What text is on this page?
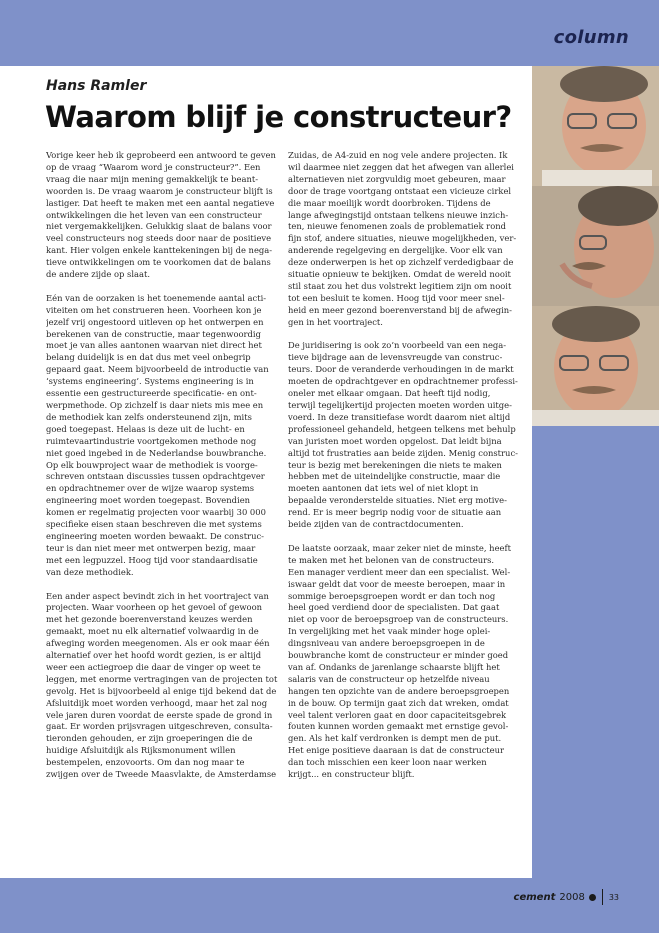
column
Hans Ramler
Waarom blijf je constructeur?

Vorige keer heb ik geprobeerd een antwoord te geven
op de vraag “Waarom word je constructeur?”. Een
vraag die naar mijn mening gemakkelijk te beant-
woorden is. De vraag waarom je constructeur blijft is
lastiger. Dat heeft te maken met een aantal negatieve
ontwikkelingen die het leven van een constructeur
niet vergemakkelijken. Gelukkig slaat de balans voor
veel constructeurs nog steeds door naar de positieve
kant. Hier volgen enkele kanttekeningen bij de nega-
tieve ontwikkelingen om te voorkomen dat de balans
de andere zijde op slaat.

Eén van de oorzaken is het toenemende aantal acti-
viteiten om het construeren heen. Voorheen kon je
jezelf vrij ongestoord uitleven op het ontwerpen en
berekenen van de constructie, maar tegenwoordig
moet je van alles aantonen waarvan niet direct het
belang duidelijk is en dat dus met veel onbegrip
gepaard gaat. Neem bijvoorbeeld de introductie van
‘systems engineering’. Systems engineering is in
essentie een gestructureerde specificatie- en ont-
werpmethode. Op zichzelf is daar niets mis mee en
de methodiek kan zelfs ondersteunend zijn, mits
goed toegepast. Helaas is deze uit de lucht- en
ruimtevaartindustrie voortgekomen methode nog
niet goed ingebed in de Nederlandse bouwbranche.
Op elk bouwproject waar de methodiek is voorge-
schreven ontstaan discussies tussen opdrachtgever
en opdrachtnemer over de wijze waarop systems
engineering moet worden toegepast. Bovendien
komen er regelmatig projecten voor waarbij 30 000
specifieke eisen staan beschreven die met systems
engineering moeten worden bewaakt. De construc-
teur is dan niet meer met ontwerpen bezig, maar
met een legpuzzel. Hoog tijd voor standaardisatie
van deze methodiek.

Een ander aspect bevindt zich in het voortraject van
projecten. Waar voorheen op het gevoel of gewoon
met het gezonde boerenverstand keuzes werden
gemaakt, moet nu elk alternatief volwaardig in de
afweging worden meegenomen. Als er ook maar één
alternatief over het hoofd wordt gezien, is er altijd
weer een actiegroep die daar de vinger op weet te
leggen, met enorme vertragingen van de projecten tot
gevolg. Het is bijvoorbeeld al enige tijd bekend dat de
Afsluitdijk moet worden verhoogd, maar het zal nog
vele jaren duren voordat de eerste spade de grond in
gaat. Er worden prijsvragen uitgeschreven, consulta-
tieronden gehouden, er zijn groeperingen die de
huidige Afsluitdijk als Rijksmonument willen
bestempelen, enzovoorts. Om dan nog maar te
zwijgen over de Tweede Maasvlakte, de Amsterdamse

Zuidas, de A4-zuid en nog vele andere projecten. Ik
wil daarmee niet zeggen dat het afwegen van allerlei
alternatieven niet zorgvuldig moet gebeuren, maar
door de trage voortgang ontstaat een vicieuze cirkel
die maar moeilijk wordt doorbroken. Tijdens de
lange afwegingstijd ontstaan telkens nieuwe inzich-
ten, nieuwe fenomenen zoals de problematiek rond
fijn stof, andere situaties, nieuwe mogelijkheden, ver-
anderende regelgeving en dergelijke. Voor elk van
deze onderwerpen is het op zichzelf verdedigbaar de
situatie opnieuw te bekijken. Omdat de wereld nooit
stil staat zou het dus volstrekt legitiem zijn om nooit
tot een besluit te komen. Hoog tijd voor meer snel-
heid en meer gezond boerenverstand bij de afwegin-
gen in het voortraject.

De juridisering is ook zo’n voorbeeld van een nega-
tieve bijdrage aan de levensvreugde van construc-
teurs. Door de veranderde verhoudingen in de markt
moeten de opdrachtgever en opdrachtnemer professi-
oneler met elkaar omgaan. Dat heeft tijd nodig,
terwijl tegelijkertijd projecten moeten worden uitge-
voerd. In deze transitiefase wordt daarom niet altijd
professioneel gehandeld, hetgeen telkens met behulp
van juristen moet worden opgelost. Dat leidt bijna
altijd tot frustraties aan beide zijden. Menig construc-
teur is bezig met berekeningen die niets te maken
hebben met de uiteindelijke constructie, maar die
moeten aantonen dat iets wel of niet klopt in
bepaalde veronderstelde situaties. Niet erg motive-
rend. Er is meer begrip nodig voor de situatie aan
beide zijden van de contractdocumenten.

De laatste oorzaak, maar zeker niet de minste, heeft
te maken met het belonen van de constructeurs.
Een manager verdient meer dan een specialist. Wel-
iswaar geldt dat voor de meeste beroepen, maar in
sommige beroepsgroepen wordt er dan toch nog
heel goed verdiend door de specialisten. Dat gaat
niet op voor de beroepsgroep van de constructeurs.
In vergelijking met het vaak minder hoge oplei-
dingsniveau van andere beroepsgroepen in de
bouwbranche komt de constructeur er minder goed
van af. Ondanks de jarenlange schaarste blijft het
salaris van de constructeur op hetzelfde niveau
hangen ten opzichte van de andere beroepsgroepen
in de bouw. Op termijn gaat zich dat wreken, omdat
veel talent verloren gaat en door capaciteitsgebrek
fouten kunnen worden gemaakt met ernstige gevol-
gen. Als het kalf verdronken is dempt men de put.
Het enige positieve daaraan is dat de constructeur
dan toch misschien een keer loon naar werken
krijgt... en constructeur blijft.

cement 2008	33
